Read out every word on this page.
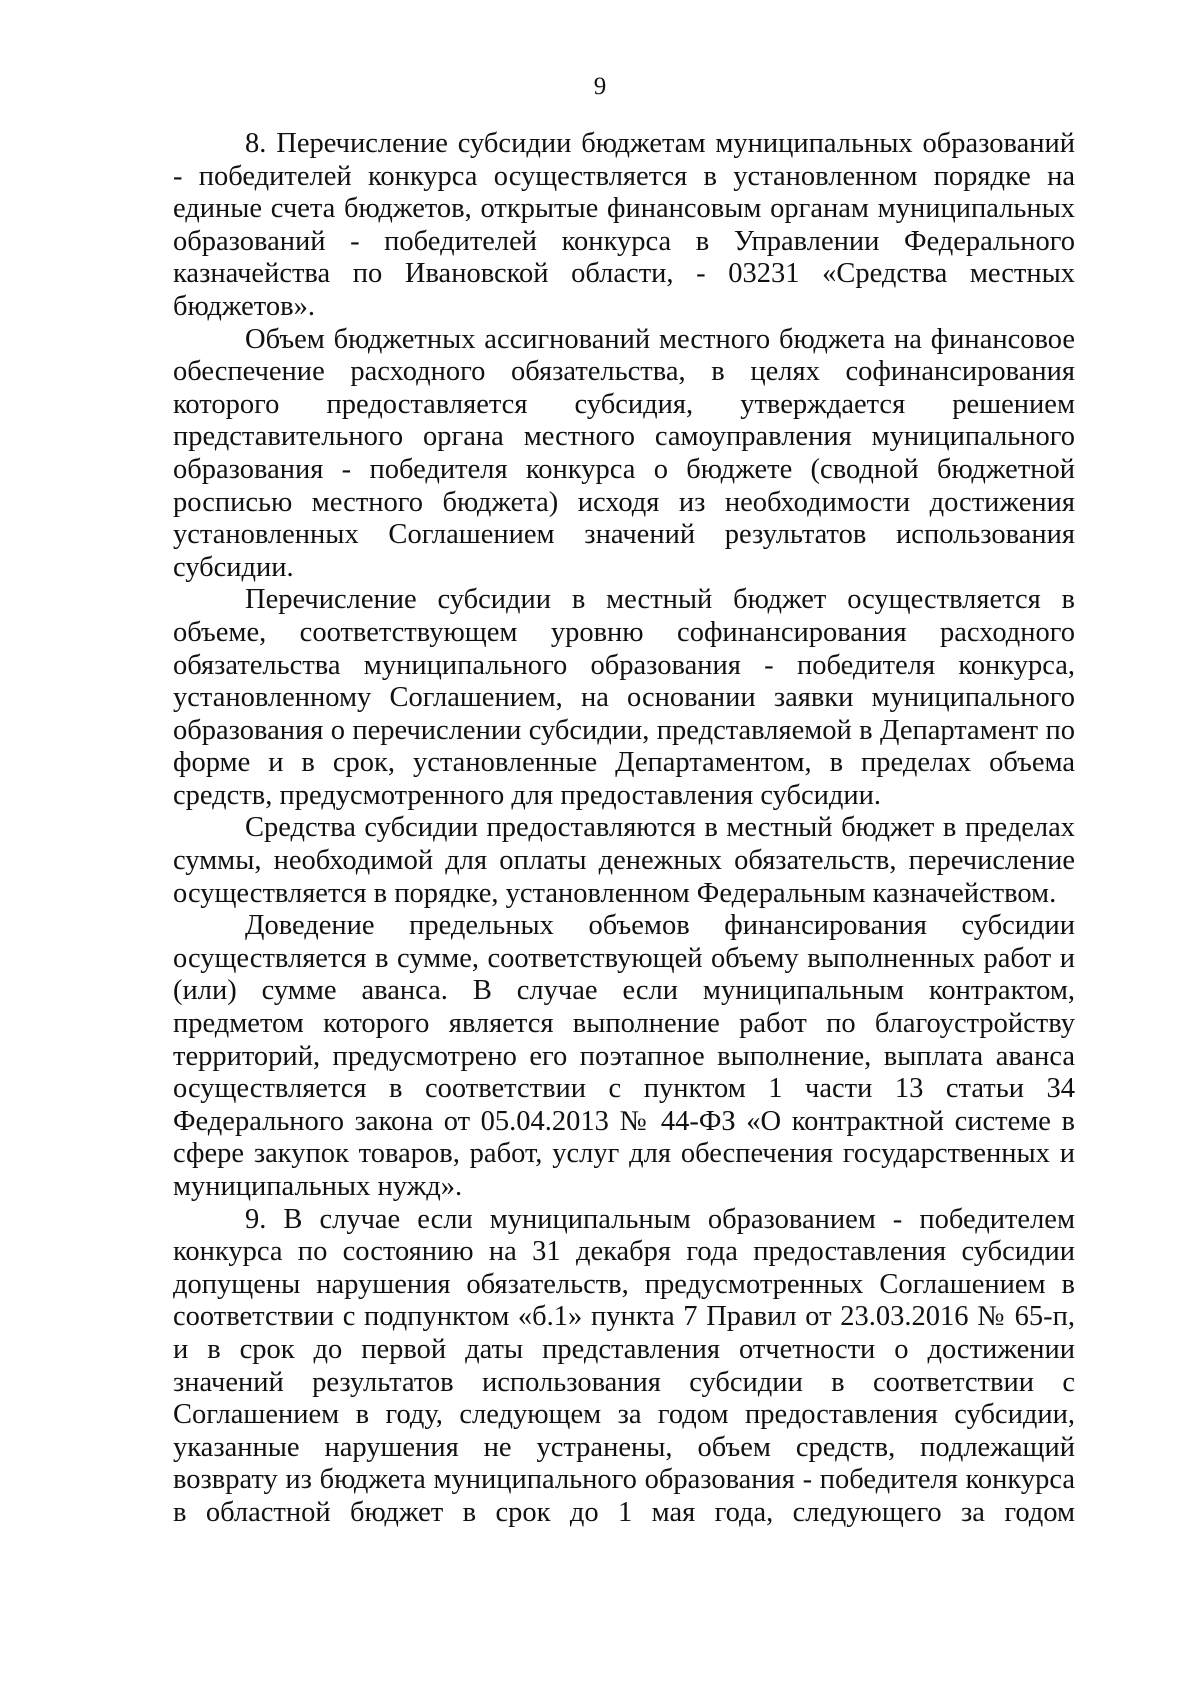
9

8. Перечисление субсидии бюджетам муниципальных образований - победителей конкурса осуществляется в установленном порядке на единые счета бюджетов, открытые финансовым органам муниципальных образований - победителей конкурса в Управлении Федерального казначейства по Ивановской области, - 03231 «Средства местных бюджетов».

Объем бюджетных ассигнований местного бюджета на финансовое обеспечение расходного обязательства, в целях софинансирования которого предоставляется субсидия, утверждается решением представительного органа местного самоуправления муниципального образования - победителя конкурса о бюджете (сводной бюджетной росписью местного бюджета) исходя из необходимости достижения установленных Соглашением значений результатов использования субсидии.

Перечисление субсидии в местный бюджет осуществляется в объеме, соответствующем уровню софинансирования расходного обязательства муниципального образования - победителя конкурса, установленному Соглашением, на основании заявки муниципального образования о перечислении субсидии, представляемой в Департамент по форме и в срок, установленные Департаментом, в пределах объема средств, предусмотренного для предоставления субсидии.

Средства субсидии предоставляются в местный бюджет в пределах суммы, необходимой для оплаты денежных обязательств, перечисление осуществляется в порядке, установленном Федеральным казначейством.

Доведение предельных объемов финансирования субсидии осуществляется в сумме, соответствующей объему выполненных работ и (или) сумме аванса. В случае если муниципальным контрактом, предметом которого является выполнение работ по благоустройству территорий, предусмотрено его поэтапное выполнение, выплата аванса осуществляется в соответствии с пунктом 1 части 13 статьи 34 Федерального закона от 05.04.2013 № 44-ФЗ «О контрактной системе в сфере закупок товаров, работ, услуг для обеспечения государственных и муниципальных нужд».

9. В случае если муниципальным образованием - победителем конкурса по состоянию на 31 декабря года предоставления субсидии допущены нарушения обязательств, предусмотренных Соглашением в соответствии с подпунктом «б.1» пункта 7 Правил от 23.03.2016 № 65-п, и в срок до первой даты представления отчетности о достижении значений результатов использования субсидии в соответствии с Соглашением в году, следующем за годом предоставления субсидии, указанные нарушения не устранены, объем средств, подлежащий возврату из бюджета муниципального образования - победителя конкурса в областной бюджет в срок до 1 мая года, следующего за годом
